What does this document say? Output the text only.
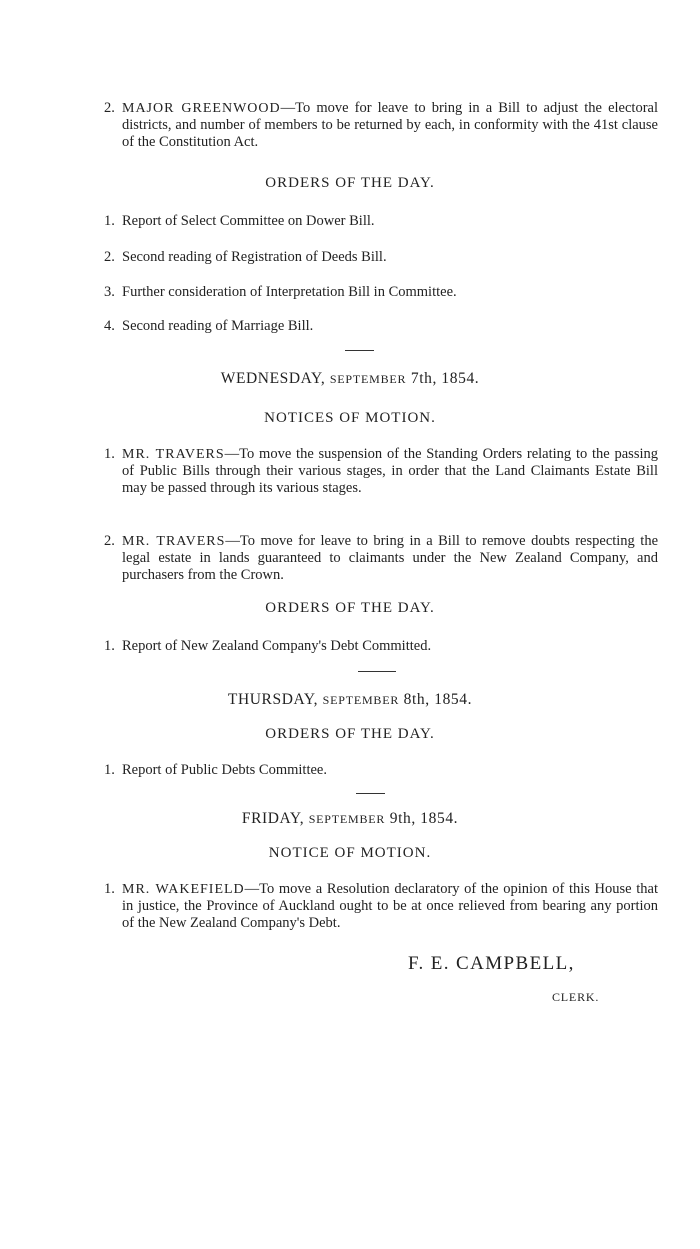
2. MAJOR GREENWOOD—To move for leave to bring in a Bill to adjust the electoral districts, and number of members to be returned by each, in conformity with the 41st clause of the Constitution Act.
ORDERS OF THE DAY.
1. Report of Select Committee on Dower Bill.
2. Second reading of Registration of Deeds Bill.
3. Further consideration of Interpretation Bill in Committee.
4. Second reading of Marriage Bill.
WEDNESDAY, SEPTEMBER 7th, 1854.
NOTICES OF MOTION.
1. MR. TRAVERS—To move the suspension of the Standing Orders relating to the passing of Public Bills through their various stages, in order that the Land Claimants Estate Bill may be passed through its various stages.
2. MR. TRAVERS—To move for leave to bring in a Bill to remove doubts respecting the legal estate in lands guaranteed to claimants under the New Zealand Company, and purchasers from the Crown.
ORDERS OF THE DAY.
1. Report of New Zealand Company's Debt Committed.
THURSDAY, SEPTEMBER 8th, 1854.
ORDERS OF THE DAY.
1. Report of Public Debts Committee.
FRIDAY, SEPTEMBER 9th, 1854.
NOTICE OF MOTION.
1. MR. WAKEFIELD—To move a Resolution declaratory of the opinion of this House that in justice, the Province of Auckland ought to be at once relieved from bearing any portion of the New Zealand Company's Debt.
F. E. CAMPBELL,
CLERK.
